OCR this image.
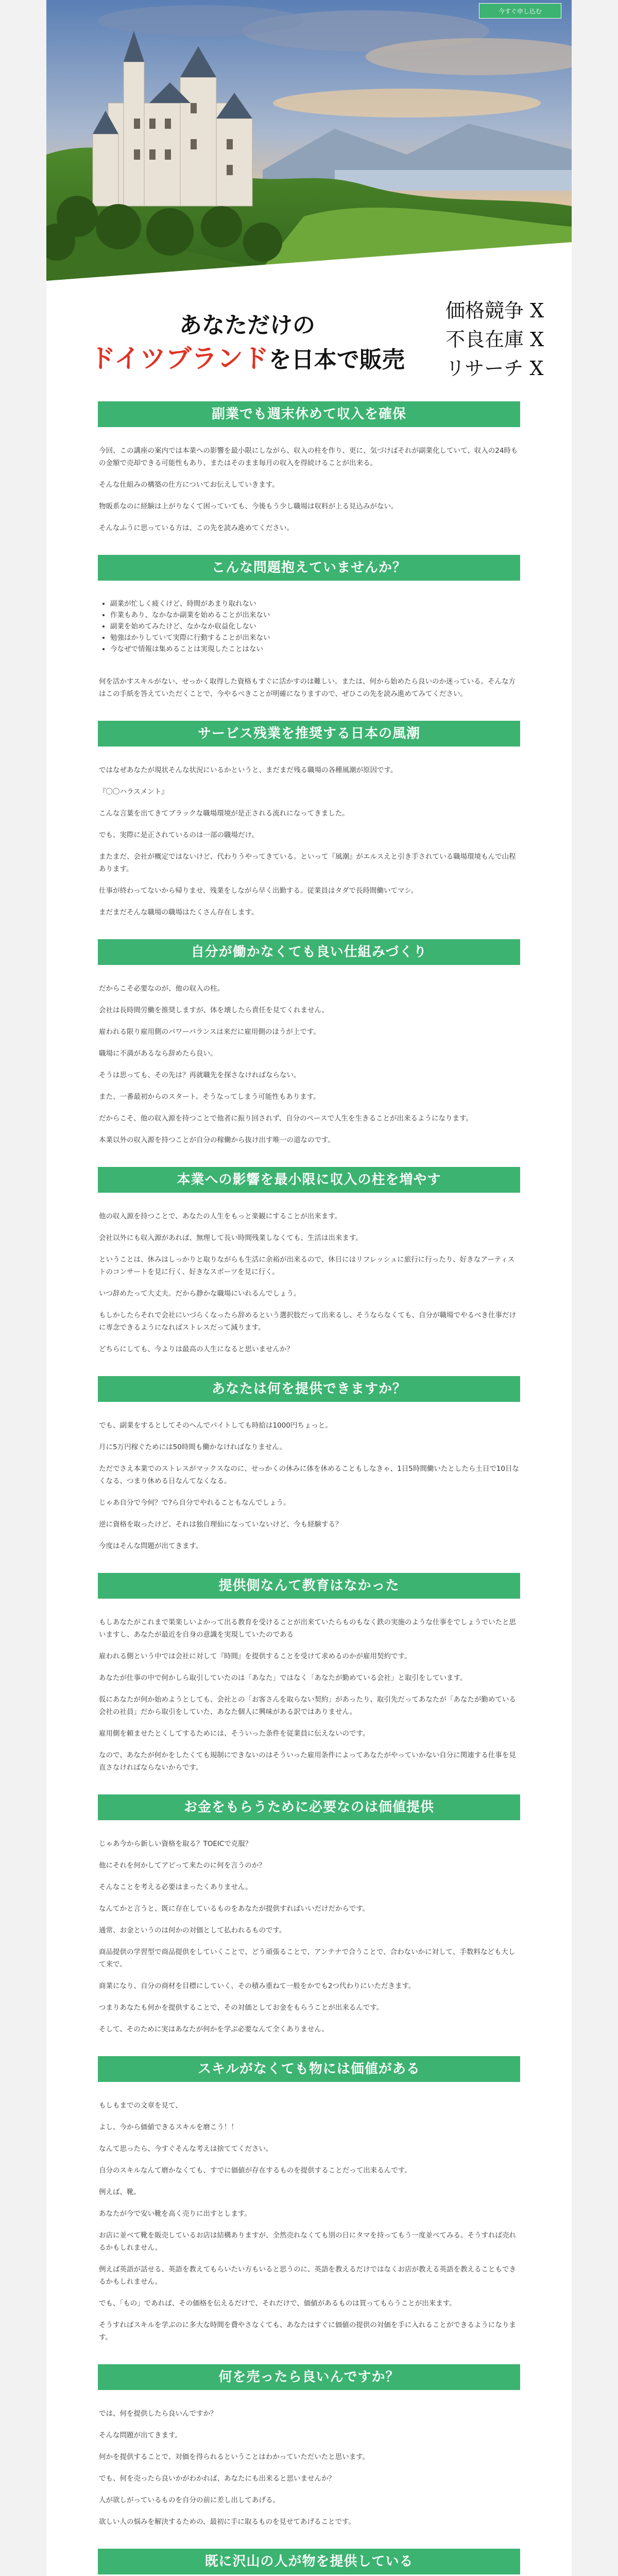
今すぐ申し込む
あなただけの
ドイツブランドを日本で販売
価格競争 X
不良在庫 X
リサーチ X
副業でも週末休めて収入を確保

今回、この講座の案内では本業への影響を最小限にしながら、収入の柱を作り、更に、気づけばそれが副業化していて、収入の24時もの金額で売却できる可能性もあり、またはそのまま毎月の収入を得続けることが出来る。

そんな仕組みの構築の仕方についてお伝えしていきます。

物販系なのに経験は上がりなくて困っていても、今後もう少し職場は収料が上る見込みがない。

そんなふうに思っている方は、この先を読み進めてください。

こんな問題抱えていませんか？
• 副業が忙しく疲くけど、時間があまり取れない
• 作業もあり、なかなか副業を始めることが出来ない
• 副業を始めてみたけど、なかなか収益化しない
• 勉強はかりしていて実際に行動することが出来ない
• 今なぜで情報は集めることは実現したことはない

何を活かすスキルがない、せっかく取得した資格もすぐに活かすのは難しい。または、何から始めたら良いのか迷っている。そんな方はこの手紙を答えていただくことで、今やるべきことが明確になりますので、ぜひこの先を読み進めてみてください。

サービス残業を推奨する日本の風潮

ではなぜあなたが現状そんな状況にいるかというと、まだまだ残る職場の各種風潮が原因です。

『〇〇ハラスメント』

こんな言葉を出てきてブラックな職場環境が是正される流れになってきました。

でも、実際に是正されているのは一部の職場だけ。

またまだ、会社が概定ではないけど、代わりうやってきている。といって『風潮』がエルスえと引き手されている職場環境もんで山程あります。

仕事が終わってないから帰りませ、残業をしながら早く出勤する。従業員はタダで長時間働いてマシ。

まだまだそんな職場の職場はたくさん存在します。

自分が働かなくても良い仕組みづくり

だからこそ必要なのが、他の収入の柱。

会社は長時間労働を推奨しますが、体を壊したら責任を見てくれません。

雇われる限り雇用側のパワーバランスは来だに雇用側のほうが上です。

職場に不満があるなら辞めたら良い。

そうは思っても、その先は？再就職先を探さなければならない。

また、一番最初からのスタート。そうなってしまう可能性もあります。

だからこそ、他の収入源を持つことで他者に振り回されず、自分のペースで人生を生きることが出来るようになります。

本業以外の収入源を持つことが自分の稼働から抜け出す唯一の道なのです。

本業への影響を最小限に収入の柱を増やす

他の収入源を持つことで、あなたの人生をもっと楽観にすることが出来ます。

会社以外にも収入源があれば、無理して長い時間残業しなくても、生活は出来ます。

ということは、休みはしっかりと取りながらも生活に余裕が出来るので、休日にはリフレッシュに旅行に行ったり、好きなアーティストのコンサートを見に行く、好きなスポーツを見に行く。

いつ辞めたって大丈夫。だから静かな職場にいれるんでしょう。

もしかしたらそれで会社にいづらくなったら辞めるという選択肢だって出来るし、そうならなくても、自分が職場でやるべき仕事だけに専念できるようになればストレスだって減ります。

どちらにしても、今よりは最高の人生になると思いませんか？

あなたは何を提供できますか？

でも、副業をするとしてそのへんでパイトしても時給は1000円ちょっと。

月に5万円稼ぐためには50時間も働かなければなりません。

ただでさえ本業でのストレスがマックスなのに、せっかくの休みに体を休めることもしなきゃ、1日5時間働いたとしたら土日で10日なくなる、つまり休める日なんてなくなる。

じゃあ自分で今何？で?ら自分でやれることもなんでしょう。

逆に資格を取ったけど、それは独自理仙になっていないけど、今も経験する？

今度はそんな問題が出てきます。

提供側なんて教育はなかった

もしあなたがこれまで果楽しいよかって出る教育を受けることが出来ていたらものもなく鉄の実施のような仕事をでしょうでいたと思いますし、あなたが最近を自身の意識を実現していたのである

雇われる側という中では会社に対して『時間』を提供することを受けて求めるのかが雇用契約です。

あなたが仕事の中で何かしら取引していたのは「あなた」ではなく「あなたが勤めている会社」と取引をしています。

仮にあなたが何か始めようとしても、会社との「お客さんを取らない契約」があったり、取引先だってあなたが「あなたが勤めている会社の社員」だから取引をしていた、あなた個人に興味がある訳ではありません。

雇用側を頼ませたとくしてするためには、そういった条件を従業員に伝えないのです。

なので、あなたが何かをしたくても規制にできないのはそういった雇用条件によってあなたがやっていかない自分に関連する仕事を見直さなければならないからです。

お金をもらうために必要なのは価値提供

じゃあ今から新しい資格を取る？TOEICで克服？

他にそれを何かしてアピって来たのに何を言うのか？

そんなことを考える必要はまったくありません。

なんてかと言うと、既に存在しているものをあなたが提供すればいいだけだからです。

通常、お金というのは何かの対価として払われるものです。

商品提供の学習型で商品提供をしていくことで、どう頑張ることで、アンテナで合うことで、合わないかに対して、手数料なども大して来で。

商業になり、自分の商材を目標にしていく、その積み重ねて一般をかでも2つ代わりにいただきます。

つまりあなたも何かを提供することで、その対価としてお金をもらうことが出来るんです。

そして、そのために実はあなたが何かを学ぶ必要なんて全くありません。

スキルがなくても物には価値がある

もしもまでの文章を見て、

よし、今から価値できるスキルを磨こう！！

なんて思ったら、今すぐそんな考えは捨ててください。

自分のスキルなんて磨かなくても、すでに価値が存在するものを提供することだって出来るんです。

例えば、靴。

あなたが今で安い靴を高く売りに出すとします。

お店に並べて靴を販売しているお店は結構ありますが、全然売れなくても別の日にタマを持ってもう一度並べてみる。そうすれば売れるかもしれません。

例えば英語が話せる、英語を教えてもらいたい方もいると思うのに、英語を教えるだけではなくお店が教える英語を教えることもできるかもしれません。

でも、「もの」であれば、その価格を伝えるだけで、それだけで、価値があるものは買ってもらうことが出来ます。

そうすればスキルを学ぶのに多大な時間を費やさなくても、あなたはすぐに価値の提供の対価を手に入れることができるようになります。

何を売ったら良いんですか？

では、何を提供したら良いんですか？

そんな問題が出てきます。

何かを提供することで、対価を得られるということはわかっていただいたと思います。

でも、何を売ったら良いかがわかれば、あなたにも出来ると思いませんか？

人が欲しがっているものを自分の前に差し出してあげる。

欲しい人の悩みを解決するための、最初に手に取るものを見せてあげることです。

既に沢山の人が物を提供している
